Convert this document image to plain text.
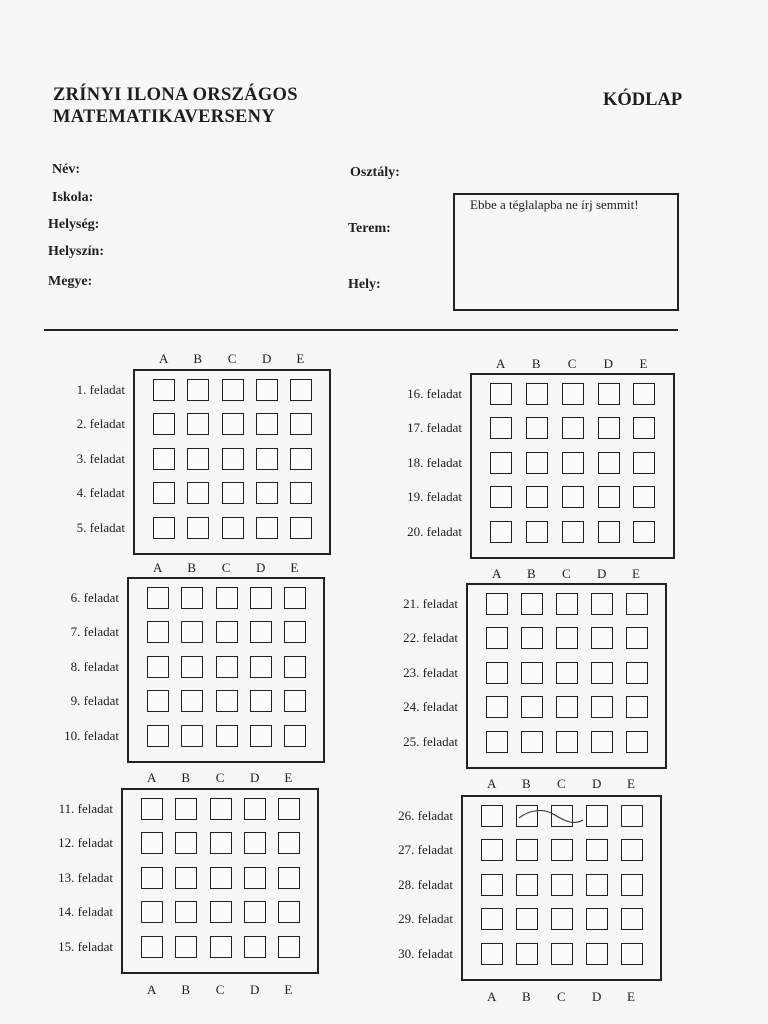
ZRÍNYI ILONA ORSZÁGOS
MATEMATIKAVERSENY
KÓDLAP
Név:
Iskola:
Helység:
Helyszín:
Megye:
Osztály:
Terem:
Hely:
Ebbe a téglalapba ne írj semmit!
A B C D E
1. feladat
2. feladat
3. feladat
4. feladat
5. feladat
A B C D E
6. feladat
7. feladat
8. feladat
9. feladat
10. feladat
A B C D E
A B C D E
11. feladat
12. feladat
13. feladat
14. feladat
15. feladat
A B C D E
16. feladat
17. feladat
18. feladat
19. feladat
20. feladat
A B C D E
21. feladat
22. feladat
23. feladat
24. feladat
25. feladat
A B C D E
A B C D E
26. feladat
27. feladat
28. feladat
29. feladat
30. feladat
